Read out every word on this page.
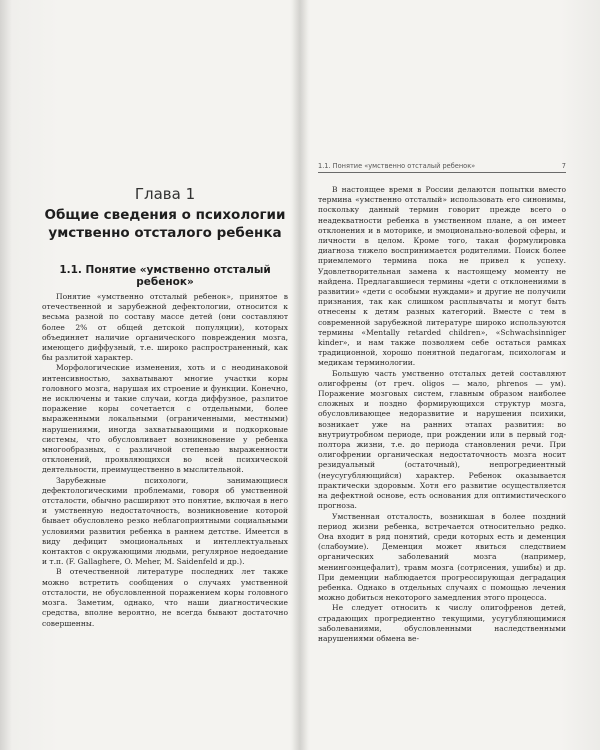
Глава 1
Общие сведения о психологии
умственно отсталого ребенка
1.1. Понятие «умственно отсталый ребенок»

Понятие «умственно отсталый ребенок», принятое в отечественной и зарубежной дефектологии, относится к весьма разной по составу массе детей (они составляют более 2% от общей детской популяции), которых объединяет наличие органического повреждения мозга, имеющего диффузный, т.е. широко распространенный, как бы разлитой характер.

Морфологические изменения, хоть и с неодинаковой интенсивностью, захватывают многие участки коры головного мозга, нарушая их строение и функции. Конечно, не исключены и такие случаи, когда диффузное, разлитое поражение коры сочетается с отдельными, более выраженными локальными (ограниченными, местными) нарушениями, иногда захватывающими и подкорковые системы, что обусловливает возникновение у ребенка многообразных, с различной степенью выраженности отклонений, проявляющихся во всей психической деятельности, преимущественно в мыслительной.

Зарубежные психологи, занимающиеся дефектологическими проблемами, говоря об умственной отсталости, обычно расширяют это понятие, включая в него и умственную недостаточность, возникновение которой бывает обусловлено резко неблагоприятными социальными условиями развития ребенка в раннем детстве. Имеется в виду дефицит эмоциональных и интеллектуальных контактов с окружающими людьми, регулярное недоедание и т.п. (F. Gallaghere, O. Meher, M. Saidenfeld и др.).

В отечественной литературе последних лет также можно встретить сообщения о случаях умственной отсталости, не обусловленной поражением коры головного мозга. Заметим, однако, что наши диагностические средства, вполне вероятно, не всегда бывают достаточно совершенны.

1.1. Понятие «умственно отсталый ребенок»	7

В настоящее время в России делаются попытки вместо термина «умственно отсталый» использовать его синонимы, поскольку данный термин говорит прежде всего о неадекватности ребенка в умственном плане, а он имеет отклонения и в моторике, и эмоционально-волевой сферы, и личности в целом. Кроме того, такая формулировка диагноза тяжело воспринимается родителями. Поиск более приемлемого термина пока не привел к успеху. Удовлетворительная замена к настоящему моменту не найдена. Предлагавшиеся термины «дети с отклонениями в развитии» «дети с особыми нуждами» и другие не получили признания, так как слишком расплывчаты и могут быть отнесены к детям разных категорий. Вместе с тем в современной зарубежной литературе широко используются термины «Mentally retarded children», «Schwachsinniger kinder», и нам также позволяем себе остаться рамках традиционной, хорошо понятной педагогам, психологам и медикам терминологии.

Большую часть умственно отсталых детей составляют олигофрены (от греч. oligos — мало, phrenos — ум). Поражение мозговых систем, главным образом наиболее сложных и поздно формирующихся структур мозга, обусловливающее недоразвитие и нарушения психики, возникает уже на ранних этапах развития: во внутриутробном периоде, при рождении или в первый год-полтора жизни, т.е. до периода становления речи. При олигофрении органическая недостаточность мозга носит резидуальный (остаточный), непрогредиентный (неусугубляющийся) характер. Ребенок оказывается практически здоровым. Хотя его развитие осуществляется на дефектной основе, есть основания для оптимистического прогноза.

Умственная отсталость, возникшая в более поздний период жизни ребенка, встречается относительно редко. Она входит в ряд понятий, среди которых есть и деменция (слабоумие). Деменция может явиться следствием органических заболеваний мозга (например, менингоэнцефалит), травм мозга (сотрясения, ушибы) и др. При деменции наблюдается прогрессирующая деградация ребенка. Однако в отдельных случаях с помощью лечения можно добиться некоторого замедления этого процесса.

Не следует относить к числу олигофренов детей, страдающих прогредиентно текущими, усугубляющимися заболеваниями, обусловленными наследственными нарушениями обмена ве-
